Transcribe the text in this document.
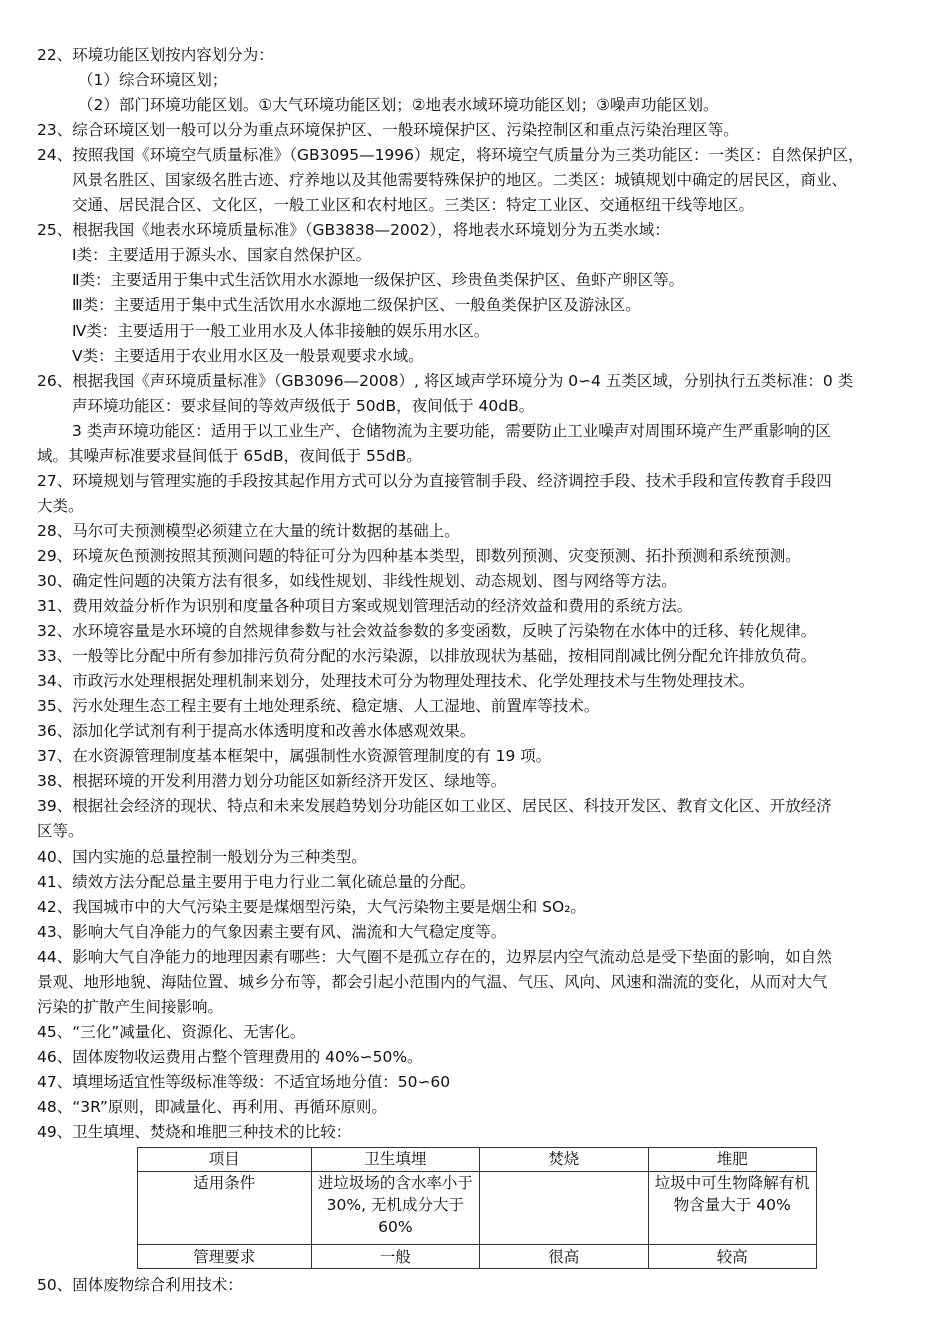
22、环境功能区划按内容划分为：
（1）综合环境区划；
（2）部门环境功能区划。①大气环境功能区划；②地表水域环境功能区划；③噪声功能区划。
23、综合环境区划一般可以分为重点环境保护区、一般环境保护区、污染控制区和重点污染治理区等。
24、按照我国《环境空气质量标准》（GB3095—1996）规定，将环境空气质量分为三类功能区：一类区：自然保护区，
风景名胜区、国家级名胜古迹、疗养地以及其他需要特殊保护的地区。二类区：城镇规划中确定的居民区，商业、
交通、居民混合区、文化区，一般工业区和农村地区。三类区：特定工业区、交通枢纽干线等地区。
25、根据我国《地表水环境质量标准》（GB3838—2002），将地表水环境划分为五类水域：
Ⅰ类：主要适用于源头水、国家自然保护区。
Ⅱ类：主要适用于集中式生活饮用水水源地一级保护区、珍贵鱼类保护区、鱼虾产卵区等。
Ⅲ类：主要适用于集中式生活饮用水水源地二级保护区、一般鱼类保护区及游泳区。
Ⅳ类：主要适用于一般工业用水及人体非接触的娱乐用水区。
Ⅴ类：主要适用于农业用水区及一般景观要求水域。
26、根据我国《声环境质量标准》（GB3096—2008）, 将区域声学环境分为 0∽4 五类区域，分别执行五类标准：0 类
声环境功能区：要求昼间的等效声级低于 50dB，夜间低于 40dB。
3 类声环境功能区：适用于以工业生产、仓储物流为主要功能，需要防止工业噪声对周围环境产生严重影响的区
域。其噪声标准要求昼间低于 65dB，夜间低于 55dB。
27、环境规划与管理实施的手段按其起作用方式可以分为直接管制手段、经济调控手段、技术手段和宣传教育手段四
大类。
28、马尔可夫预测模型必须建立在大量的统计数据的基础上。
29、环境灰色预测按照其预测问题的特征可分为四种基本类型，即数列预测、灾变预测、拓扑预测和系统预测。
30、确定性问题的决策方法有很多，如线性规划、非线性规划、动态规划、图与网络等方法。
31、费用效益分析作为识别和度量各种项目方案或规划管理活动的经济效益和费用的系统方法。
32、水环境容量是水环境的自然规律参数与社会效益参数的多变函数，反映了污染物在水体中的迁移、转化规律。
33、一般等比分配中所有参加排污负荷分配的水污染源，以排放现状为基础，按相同削减比例分配允许排放负荷。
34、市政污水处理根据处理机制来划分，处理技术可分为物理处理技术、化学处理技术与生物处理技术。
35、污水处理生态工程主要有土地处理系统、稳定塘、人工湿地、前置库等技术。
36、添加化学试剂有利于提高水体透明度和改善水体感观效果。
37、在水资源管理制度基本框架中，属强制性水资源管理制度的有 19 项。
38、根据环境的开发利用潜力划分功能区如新经济开发区、绿地等。
39、根据社会经济的现状、特点和未来发展趋势划分功能区如工业区、居民区、科技开发区、教育文化区、开放经济
区等。
40、国内实施的总量控制一般划分为三种类型。
41、绩效方法分配总量主要用于电力行业二氧化硫总量的分配。
42、我国城市中的大气污染主要是煤烟型污染，大气污染物主要是烟尘和 SO₂。
43、影响大气自净能力的气象因素主要有风、湍流和大气稳定度等。
44、影响大气自净能力的地理因素有哪些：大气圈不是孤立存在的，边界层内空气流动总是受下垫面的影响，如自然
景观、地形地貌、海陆位置、城乡分布等，都会引起小范围内的气温、气压、风向、风速和湍流的变化，从而对大气
污染的扩散产生间接影响。
45、“三化”减量化、资源化、无害化。
46、固体废物收运费用占整个管理费用的 40%∽50%。
47、填埋场适宜性等级标准等级：不适宜场地分值：50∽60
48、“3R”原则，即减量化、再利用、再循环原则。
49、卫生填埋、焚烧和堆肥三种技术的比较：
项目	卫生填埋	焚烧	堆肥
适用条件	进垃圾场的含水率小于 30%, 无机成分大于 60%		垃圾中可生物降解有机物含量大于 40%
管理要求	一般	很高	较高
50、固体废物综合利用技术：
